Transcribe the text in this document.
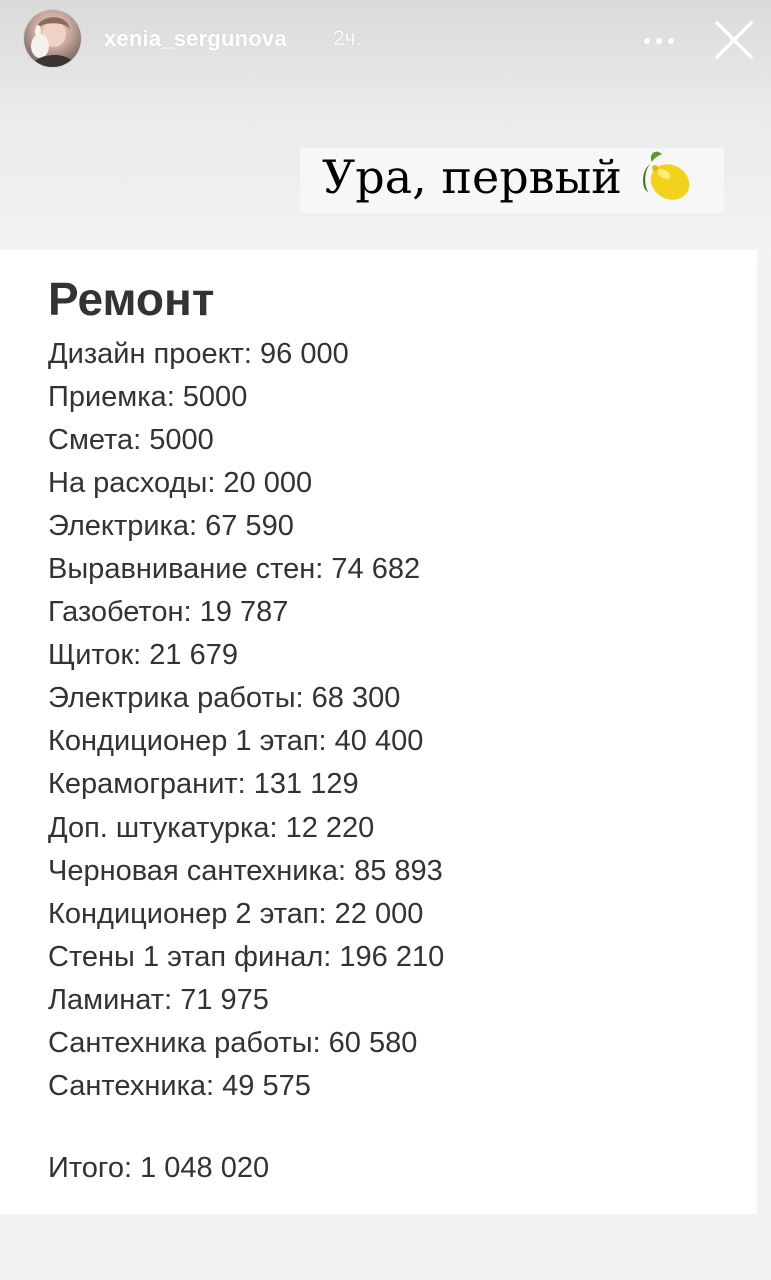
xenia_sergunova 2ч.
Ура, первый
Ремонт
Дизайн проект: 96 000
Приемка: 5000
Смета: 5000
На расходы: 20 000
Электрика: 67 590
Выравнивание стен: 74 682
Газобетон: 19 787
Щиток: 21 679
Электрика работы: 68 300
Кондиционер 1 этап: 40 400
Керамогранит: 131 129
Доп. штукатурка: 12 220
Черновая сантехника: 85 893
Кондиционер 2 этап: 22 000
Стены 1 этап финал: 196 210
Ламинат: 71 975
Сантехника работы: 60 580
Сантехника: 49 575
Итого: 1 048 020
